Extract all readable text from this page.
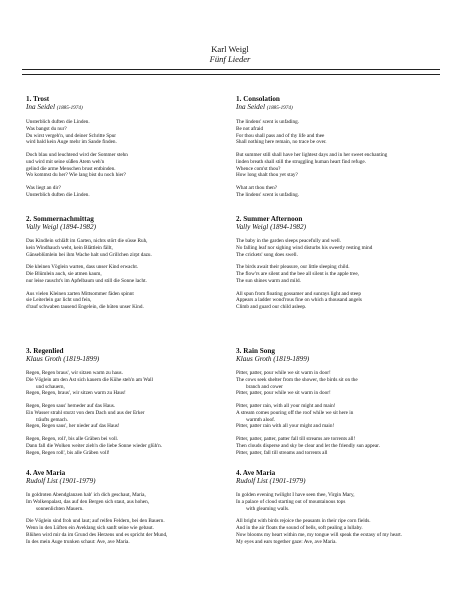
Karl Weigl
Fünf Lieder
1. Trost
Ina Seidel (1885-1974)
Unsterblich duften die Linden.
Was bangst du nur?
Du wirst vergeh'n, und deiner Schritte Spur
wird bald kein Auge mehr im Sande finden.
Doch blau und leuchtend wird der Sommer stehn
und wird mit seine süßen Atem weh'n
gelind die arme Menschen brust entbinden.
Wo kommst du her? Wie lang bist du noch hier?
Was liegt an dir?
Unsterblich duften die Linden.
2. Sommernachmittag
Vally Weigl (1894-1982)
Das Kindlein schläft im Garten, nichts stört die süsse Ruh,
kein Windhauch weht, kein Blättlein fällt,
Gänseblümlein bei ihm Wache halt und Grillchen zirpt dazu.
Die kleinen Vöglein warten, dass unser Kind erwacht.
Die Blümlein auch, sie atmen kaum,
nur leise rauscht's im Apfelbaum und still die Sonne lacht.
Aus vielen Kleinen zarten Mittsommer fäden spinnt
sie Leiterlein gar licht und fein,
d'rauf schwaben tausend Engelein, die hüten unser Kind.
3. Regenlied
Klaus Groth (1819-1899)
Regen, Regen braus', wir sitzen warm zu haus.
Die Vöglein am den Ast sich kauern die Kühe steh'n am Wall
und schauern,
Regen, Regen, braus', wir sitzen warm zu Haus!
Regen, Regen saus' herneder auf das Haus.
Ein Wasser strahl sturzt von dem Dach und aus der Erker
träufts gemach.
Regen, Regen saus', her nieder auf das Haus!
Regen, Regen, roll', bis alle Gräben bei voll.
Dann fall die Wolken weiter zieh'n die liebe Sonne wieder glüh'n.
Regen, Regen roll', bis alle Gräben voll!
4. Ave Maria
Rudolf List (1901-1979)
In goldroten Abendglanzen hab' ich dich geschaut, Maria,
Im Wolkenpalast, das auf den Bergen sich staut, aus hohen,
sonnenlichten Mauern.
Die Vöglein sind froh und laut; auf reifen Feldern, bei den Bauern.
Wenn in den Lüften ein Aveklang sich sanft seine wie gebaut.
Blühen wird mir da im Grund des Herzens und es spricht der Mund,
In des mein Auge trunken schaut: Ave, ave Maria.
1. Consolation
Ina Seidel (1885-1974)
The lindens' scent is unfading.
Be not afraid
For thou shall pass and of thy life and thee
Shall nothing here remain, no trace be over.
But summer still shall have her lightest days and in her sweet enchanting
linden breath shall still the struggling human heart find refuge.
Whence com'st thou?
How long shalt thou yet stay?
What art thou then?
The lindens' scent is unfading.
2. Summer Afternoon
Vally Weigl (1894-1982)
The baby in the garden sleeps peacefully and well.
No falling leaf nor sighing wind disturbs his sweetly resting mind
The crickets' song does swell.
The birds await their pleasure, our little sleeping child.
The flow'rs are silent and the bee all silent is the apple tree,
The sun shines warm and mild.
All spun from floating gossamer and sunrays light and steep
Appears a ladder wond'rous fine on which a thousand angels
Climb and guard our child asleep.
3. Rain Song
Klaus Groth (1819-1899)
Pitter, patter, pour while we sit warm in door!
The cows seek shelter from the shower, the birds sit on the
branch and cower
Pitter, patter, pour while we sit warm in door!
Pitter, patter rain, with all your might and main!
A stream comes pouring off the roof while we sit here in
warmth aloof.
Pitter, patter rain with all your might and main!
Pitter, patter, patter, patter fall till streams are torrents all!
Then clouds disperse and sky be clear and let the friendly sun appear.
Pitter, patter, fall till streams and torrents all
4. Ave Maria
Rudolf List (1901-1979)
In golden evening twilight I have seen thee, Virgin Mary,
In a palace of cloud starting out of mountainous tops
with gleaming walls.
All bright with birds rejoice the peasants in their ripe corn fields.
And in the air floats the sound of bells, soft pealing a lullaby.
Now blooms my heart within me, my tongue will speak the ecstasy of my heart.
My eyes and ears together gaze: Ave, ave Maria.
